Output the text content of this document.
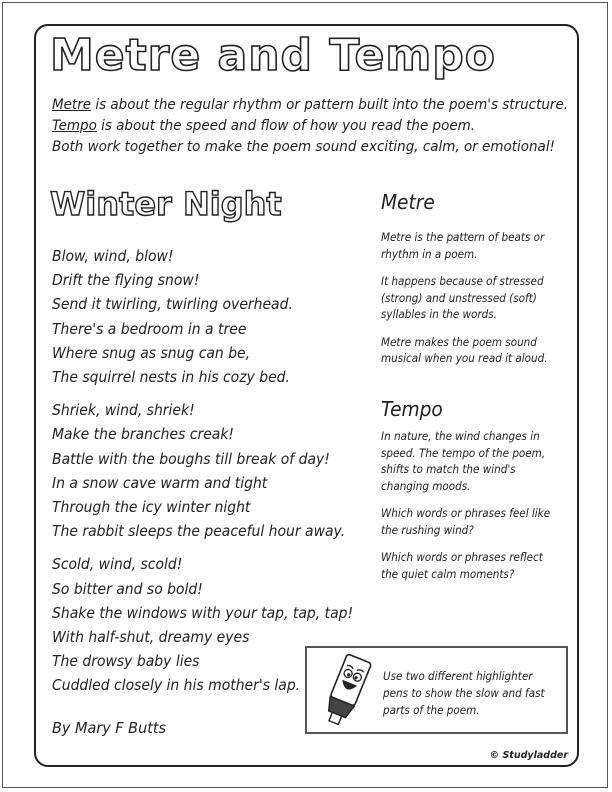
Metre and Tempo
Metre is about the regular rhythm or pattern built into the poem's structure.
Tempo is about the speed and flow of how you read the poem.
Both work together to make the poem sound exciting, calm, or emotional!
Winter Night
Blow, wind, blow!
Drift the flying snow!
Send it twirling, twirling overhead.
There's a bedroom in a tree
Where snug as snug can be,
The squirrel nests in his cozy bed.
Shriek, wind, shriek!
Make the branches creak!
Battle with the boughs till break of day!
In a snow cave warm and tight
Through the icy winter night
The rabbit sleeps the peaceful hour away.
Scold, wind, scold!
So bitter and so bold!
Shake the windows with your tap, tap, tap!
With half-shut, dreamy eyes
The drowsy baby lies
Cuddled closely in his mother's lap.
By Mary F Butts
Metre

Metre is the pattern of beats or rhythm in a poem.

It happens because of stressed (strong) and unstressed (soft) syllables in the words.

Metre makes the poem sound musical when you read it aloud.

Tempo

In nature, the wind changes in speed. The tempo of the poem, shifts to match the wind's changing moods.

Which words or phrases feel like the rushing wind?

Which words or phrases reflect the quiet calm moments?

Use two different highlighter pens to show the slow and fast parts of the poem.
© Studyladder
